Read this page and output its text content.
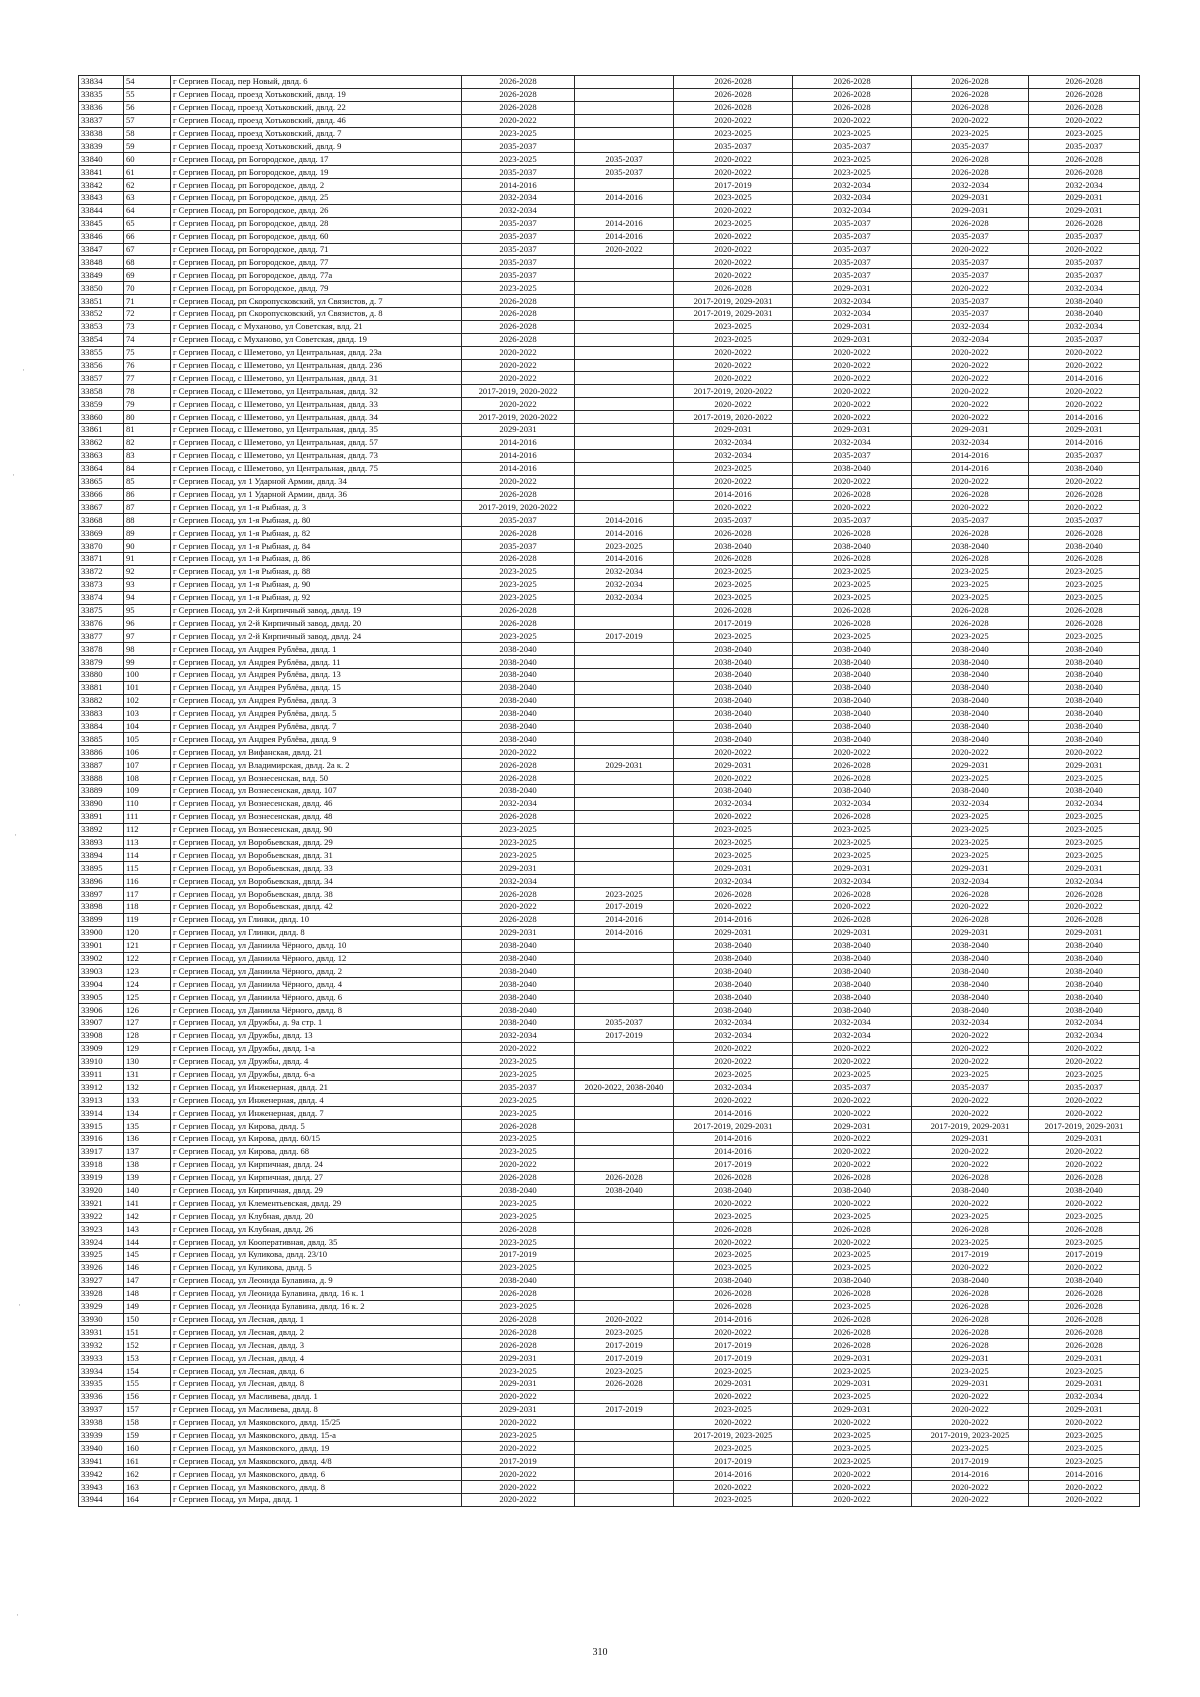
33834	54	г Сергиев Посад, пер Новый, двлд. 6	2026-2028		2026-2028	2026-2028	2026-2028	2026-2028
33835	55	г Сергиев Посад, проезд Хотьковский, двлд. 19	2026-2028		2026-2028	2026-2028	2026-2028	2026-2028
33836	56	г Сергиев Посад, проезд Хотьковский, двлд. 22	2026-2028		2026-2028	2026-2028	2026-2028	2026-2028
33837	57	г Сергиев Посад, проезд Хотьковский, двлд. 46	2020-2022		2020-2022	2020-2022	2020-2022	2020-2022
33838	58	г Сергиев Посад, проезд Хотьковский, двлд. 7	2023-2025		2023-2025	2023-2025	2023-2025	2023-2025
33839	59	г Сергиев Посад, проезд Хотьковский, двлд. 9	2035-2037		2035-2037	2035-2037	2035-2037	2035-2037
33840	60	г Сергиев Посад, рп Богородское, двлд. 17	2023-2025	2035-2037	2020-2022	2023-2025	2026-2028	2026-2028
33841	61	г Сергиев Посад, рп Богородское, двлд. 19	2035-2037	2035-2037	2020-2022	2023-2025	2026-2028	2026-2028
33842	62	г Сергиев Посад, рп Богородское, двлд. 2	2014-2016		2017-2019	2032-2034	2032-2034	2032-2034
33843	63	г Сергиев Посад, рп Богородское, двлд. 25	2032-2034	2014-2016	2023-2025	2032-2034	2029-2031	2029-2031
33844	64	г Сергиев Посад, рп Богородское, двлд. 26	2032-2034		2020-2022	2032-2034	2029-2031	2029-2031
33845	65	г Сергиев Посад, рп Богородское, двлд. 28	2035-2037	2014-2016	2023-2025	2035-2037	2026-2028	2026-2028
33846	66	г Сергиев Посад, рп Богородское, двлд. 60	2035-2037	2014-2016	2020-2022	2035-2037	2035-2037	2035-2037
33847	67	г Сергиев Посад, рп Богородское, двлд. 71	2035-2037	2020-2022	2020-2022	2035-2037	2020-2022	2020-2022
33848	68	г Сергиев Посад, рп Богородское, двлд. 77	2035-2037		2020-2022	2035-2037	2035-2037	2035-2037
33849	69	г Сергиев Посад, рп Богородское, двлд. 77а	2035-2037		2020-2022	2035-2037	2035-2037	2035-2037
33850	70	г Сергиев Посад, рп Богородское, двлд. 79	2023-2025		2026-2028	2029-2031	2020-2022	2032-2034
33851	71	г Сергиев Посад, рп Скоропусковский, ул Связистов, д. 7	2026-2028		2017-2019, 2029-2031	2032-2034	2035-2037	2038-2040
33852	72	г Сергиев Посад, рп Скоропусковский, ул Связистов, д. 8	2026-2028		2017-2019, 2029-2031	2032-2034	2035-2037	2038-2040
33853	73	г Сергиев Посад, с Муханово, ул Советская, влд. 21	2026-2028		2023-2025	2029-2031	2032-2034	2032-2034
33854	74	г Сергиев Посад, с Муханово, ул Советская, двлд. 19	2026-2028		2023-2025	2029-2031	2032-2034	2035-2037
33855	75	г Сергиев Посад, с Шеметово, ул Центральная, двлд. 23а	2020-2022		2020-2022	2020-2022	2020-2022	2020-2022
33856	76	г Сергиев Посад, с Шеметово, ул Центральная, двлд. 236	2020-2022		2020-2022	2020-2022	2020-2022	2020-2022
33857	77	г Сергиев Посад, с Шеметово, ул Центральная, двлд. 31	2020-2022		2020-2022	2020-2022	2020-2022	2014-2016
33858	78	г Сергиев Посад, с Шеметово, ул Центральная, двлд. 32	2017-2019, 2020-2022		2017-2019, 2020-2022	2020-2022	2020-2022	2020-2022
33859	79	г Сергиев Посад, с Шеметово, ул Центральная, двлд. 33	2020-2022		2020-2022	2020-2022	2020-2022	2020-2022
33860	80	г Сергиев Посад, с Шеметово, ул Центральная, двлд. 34	2017-2019, 2020-2022		2017-2019, 2020-2022	2020-2022	2020-2022	2014-2016
33861	81	г Сергиев Посад, с Шеметово, ул Центральная, двлд. 35	2029-2031		2029-2031	2029-2031	2029-2031	2029-2031
33862	82	г Сергиев Посад, с Шеметово, ул Центральная, двлд. 57	2014-2016		2032-2034	2032-2034	2032-2034	2014-2016
33863	83	г Сергиев Посад, с Шеметово, ул Центральная, двлд. 73	2014-2016		2032-2034	2035-2037	2014-2016	2035-2037
33864	84	г Сергиев Посад, с Шеметово, ул Центральная, двлд. 75	2014-2016		2023-2025	2038-2040	2014-2016	2038-2040
33865	85	г Сергиев Посад, ул 1 Ударной Армии, двлд. 34	2020-2022		2020-2022	2020-2022	2020-2022	2020-2022
33866	86	г Сергиев Посад, ул 1 Ударной Армии, двлд. 36	2026-2028		2014-2016	2026-2028	2026-2028	2026-2028
33867	87	г Сергиев Посад, ул 1-я Рыбная, д. 3	2017-2019, 2020-2022		2020-2022	2020-2022	2020-2022	2020-2022
33868	88	г Сергиев Посад, ул 1-я Рыбная, д. 80	2035-2037	2014-2016	2035-2037	2035-2037	2035-2037	2035-2037
33869	89	г Сергиев Посад, ул 1-я Рыбная, д. 82	2026-2028	2014-2016	2026-2028	2026-2028	2026-2028	2026-2028
33870	90	г Сергиев Посад, ул 1-я Рыбная, д. 84	2035-2037	2023-2025	2038-2040	2038-2040	2038-2040	2038-2040
33871	91	г Сергиев Посад, ул 1-я Рыбная, д. 86	2026-2028	2014-2016	2026-2028	2026-2028	2026-2028	2026-2028
33872	92	г Сергиев Посад, ул 1-я Рыбная, д. 88	2023-2025	2032-2034	2023-2025	2023-2025	2023-2025	2023-2025
33873	93	г Сергиев Посад, ул 1-я Рыбная, д. 90	2023-2025	2032-2034	2023-2025	2023-2025	2023-2025	2023-2025
33874	94	г Сергиев Посад, ул 1-я Рыбная, д. 92	2023-2025	2032-2034	2023-2025	2023-2025	2023-2025	2023-2025
33875	95	г Сергиев Посад, ул 2-й Кирпичный завод, двлд. 19	2026-2028		2026-2028	2026-2028	2026-2028	2026-2028
33876	96	г Сергиев Посад, ул 2-й Кирпичный завод, двлд. 20	2026-2028		2017-2019	2026-2028	2026-2028	2026-2028
33877	97	г Сергиев Посад, ул 2-й Кирпичный завод, двлд. 24	2023-2025	2017-2019	2023-2025	2023-2025	2023-2025	2023-2025
33878	98	г Сергиев Посад, ул Андрея Рублёва, двлд. 1	2038-2040		2038-2040	2038-2040	2038-2040	2038-2040
33879	99	г Сергиев Посад, ул Андрея Рублёва, двлд. 11	2038-2040		2038-2040	2038-2040	2038-2040	2038-2040
33880	100	г Сергиев Посад, ул Андрея Рублёва, двлд. 13	2038-2040		2038-2040	2038-2040	2038-2040	2038-2040
33881	101	г Сергиев Посад, ул Андрея Рублёва, двлд. 15	2038-2040		2038-2040	2038-2040	2038-2040	2038-2040
33882	102	г Сергиев Посад, ул Андрея Рублёва, двлд. 3	2038-2040		2038-2040	2038-2040	2038-2040	2038-2040
33883	103	г Сергиев Посад, ул Андрея Рублёва, двлд. 5	2038-2040		2038-2040	2038-2040	2038-2040	2038-2040
33884	104	г Сергиев Посад, ул Андрея Рублёва, двлд. 7	2038-2040		2038-2040	2038-2040	2038-2040	2038-2040
33885	105	г Сергиев Посад, ул Андрея Рублёва, двлд. 9	2038-2040		2038-2040	2038-2040	2038-2040	2038-2040
33886	106	г Сергиев Посад, ул Вифанская, двлд. 21	2020-2022		2020-2022	2020-2022	2020-2022	2020-2022
33887	107	г Сергиев Посад, ул Владимирская, двлд. 2а к. 2	2026-2028	2029-2031	2029-2031	2026-2028	2029-2031	2029-2031
33888	108	г Сергиев Посад, ул Вознесенская, влд. 50	2026-2028		2020-2022	2026-2028	2023-2025	2023-2025
33889	109	г Сергиев Посад, ул Вознесенская, двлд. 107	2038-2040		2038-2040	2038-2040	2038-2040	2038-2040
33890	110	г Сергиев Посад, ул Вознесенская, двлд. 46	2032-2034		2032-2034	2032-2034	2032-2034	2032-2034
33891	111	г Сергиев Посад, ул Вознесенская, двлд. 48	2026-2028		2020-2022	2026-2028	2023-2025	2023-2025
33892	112	г Сергиев Посад, ул Вознесенская, двлд. 90	2023-2025		2023-2025	2023-2025	2023-2025	2023-2025
33893	113	г Сергиев Посад, ул Воробьевская, двлд. 29	2023-2025		2023-2025	2023-2025	2023-2025	2023-2025
33894	114	г Сергиев Посад, ул Воробьевская, двлд. 31	2023-2025		2023-2025	2023-2025	2023-2025	2023-2025
33895	115	г Сергиев Посад, ул Воробьевская, двлд. 33	2029-2031		2029-2031	2029-2031	2029-2031	2029-2031
33896	116	г Сергиев Посад, ул Воробьевская, двлд. 34	2032-2034		2032-2034	2032-2034	2032-2034	2032-2034
33897	117	г Сергиев Посад, ул Воробьевская, двлд. 38	2026-2028	2023-2025	2026-2028	2026-2028	2026-2028	2026-2028
33898	118	г Сергиев Посад, ул Воробьевская, двлд. 42	2020-2022	2017-2019	2020-2022	2020-2022	2020-2022	2020-2022
33899	119	г Сергиев Посад, ул Глинки, двлд. 10	2026-2028	2014-2016	2014-2016	2026-2028	2026-2028	2026-2028
33900	120	г Сергиев Посад, ул Глинки, двлд. 8	2029-2031	2014-2016	2029-2031	2029-2031	2029-2031	2029-2031
33901	121	г Сергиев Посад, ул Даниила Чёрного, двлд. 10	2038-2040		2038-2040	2038-2040	2038-2040	2038-2040
33902	122	г Сергиев Посад, ул Даниила Чёрного, двлд. 12	2038-2040		2038-2040	2038-2040	2038-2040	2038-2040
33903	123	г Сергиев Посад, ул Даниила Чёрного, двлд. 2	2038-2040		2038-2040	2038-2040	2038-2040	2038-2040
33904	124	г Сергиев Посад, ул Даниила Чёрного, двлд. 4	2038-2040		2038-2040	2038-2040	2038-2040	2038-2040
33905	125	г Сергиев Посад, ул Даниила Чёрного, двлд. 6	2038-2040		2038-2040	2038-2040	2038-2040	2038-2040
33906	126	г Сергиев Посад, ул Даниила Чёрного, двлд. 8	2038-2040		2038-2040	2038-2040	2038-2040	2038-2040
33907	127	г Сергиев Посад, ул Дружбы, д. 9а стр. 1	2038-2040	2035-2037	2032-2034	2032-2034	2032-2034	2032-2034
33908	128	г Сергиев Посад, ул Дружбы, двлд. 13	2032-2034	2017-2019	2032-2034	2032-2034	2020-2022	2032-2034
33909	129	г Сергиев Посад, ул Дружбы, двлд. 1-а	2020-2022		2020-2022	2020-2022	2020-2022	2020-2022
33910	130	г Сергиев Посад, ул Дружбы, двлд. 4	2023-2025		2020-2022	2020-2022	2020-2022	2020-2022
33911	131	г Сергиев Посад, ул Дружбы, двлд. 6-а	2023-2025		2023-2025	2023-2025	2023-2025	2023-2025
33912	132	г Сергиев Посад, ул Инженерная, двлд. 21	2035-2037	2020-2022, 2038-2040	2032-2034	2035-2037	2035-2037	2035-2037
33913	133	г Сергиев Посад, ул Инженерная, двлд. 4	2023-2025		2020-2022	2020-2022	2020-2022	2020-2022
33914	134	г Сергиев Посад, ул Инженерная, двлд. 7	2023-2025		2014-2016	2020-2022	2020-2022	2020-2022
33915	135	г Сергиев Посад, ул Кирова, двлд. 5	2026-2028		2017-2019, 2029-2031	2029-2031	2017-2019, 2029-2031	2017-2019, 2029-2031
33916	136	г Сергиев Посад, ул Кирова, двлд. 60/15	2023-2025		2014-2016	2020-2022	2029-2031	2029-2031
33917	137	г Сергиев Посад, ул Кирова, двлд. 68	2023-2025		2014-2016	2020-2022	2020-2022	2020-2022
33918	138	г Сергиев Посад, ул Кирпичная, двлд. 24	2020-2022		2017-2019	2020-2022	2020-2022	2020-2022
33919	139	г Сергиев Посад, ул Кирпичная, двлд. 27	2026-2028	2026-2028	2026-2028	2026-2028	2026-2028	2026-2028
33920	140	г Сергиев Посад, ул Кирпичная, двлд. 29	2038-2040	2038-2040	2038-2040	2038-2040	2038-2040	2038-2040
33921	141	г Сергиев Посад, ул Клементьевская, двлд. 29	2023-2025		2020-2022	2020-2022	2020-2022	2020-2022
33922	142	г Сергиев Посад, ул Клубная, двлд. 20	2023-2025		2023-2025	2023-2025	2023-2025	2023-2025
33923	143	г Сергиев Посад, ул Клубная, двлд. 26	2026-2028		2026-2028	2026-2028	2026-2028	2026-2028
33924	144	г Сергиев Посад, ул Кооперативная, двлд. 35	2023-2025		2020-2022	2020-2022	2023-2025	2023-2025
33925	145	г Сергиев Посад, ул Куликова, двлд. 23/10	2017-2019		2023-2025	2023-2025	2017-2019	2017-2019
33926	146	г Сергиев Посад, ул Куликова, двлд. 5	2023-2025		2023-2025	2023-2025	2020-2022	2020-2022
33927	147	г Сергиев Посад, ул Леонида Булавина, д. 9	2038-2040		2038-2040	2038-2040	2038-2040	2038-2040
33928	148	г Сергиев Посад, ул Леонида Булавина, двлд. 16 к. 1	2026-2028		2026-2028	2026-2028	2026-2028	2026-2028
33929	149	г Сергиев Посад, ул Леонида Булавина, двлд. 16 к. 2	2023-2025		2026-2028	2023-2025	2026-2028	2026-2028
33930	150	г Сергиев Посад, ул Лесная, двлд. 1	2026-2028	2020-2022	2014-2016	2026-2028	2026-2028	2026-2028
33931	151	г Сергиев Посад, ул Лесная, двлд. 2	2026-2028	2023-2025	2020-2022	2026-2028	2026-2028	2026-2028
33932	152	г Сергиев Посад, ул Лесная, двлд. 3	2026-2028	2017-2019	2017-2019	2026-2028	2026-2028	2026-2028
33933	153	г Сергиев Посад, ул Лесная, двлд. 4	2029-2031	2017-2019	2017-2019	2029-2031	2029-2031	2029-2031
33934	154	г Сергиев Посад, ул Лесная, двлд. 6	2023-2025	2023-2025	2023-2025	2023-2025	2023-2025	2023-2025
33935	155	г Сергиев Посад, ул Лесная, двлд. 8	2029-2031	2026-2028	2029-2031	2029-2031	2029-2031	2029-2031
33936	156	г Сергиев Посад, ул Масливева, двлд. 1	2020-2022		2020-2022	2023-2025	2020-2022	2032-2034
33937	157	г Сергиев Посад, ул Масливева, двлд. 8	2029-2031	2017-2019	2023-2025	2029-2031	2020-2022	2029-2031
33938	158	г Сергиев Посад, ул Маяковского, двлд. 15/25	2020-2022		2020-2022	2020-2022	2020-2022	2020-2022
33939	159	г Сергиев Посад, ул Маяковского, двлд. 15-а	2023-2025		2017-2019, 2023-2025	2023-2025	2017-2019, 2023-2025	2023-2025
33940	160	г Сергиев Посад, ул Маяковского, двлд. 19	2020-2022		2023-2025	2023-2025	2023-2025	2023-2025
33941	161	г Сергиев Посад, ул Маяковского, двлд. 4/8	2017-2019		2017-2019	2023-2025	2017-2019	2023-2025
33942	162	г Сергиев Посад, ул Маяковского, двлд. 6	2020-2022		2014-2016	2020-2022	2014-2016	2014-2016
33943	163	г Сергиев Посад, ул Маяковского, двлд. 8	2020-2022		2020-2022	2020-2022	2020-2022	2020-2022
33944	164	г Сергиев Посад, ул Мира, двлд. 1	2020-2022		2023-2025	2020-2022	2020-2022	2020-2022
310
·
·
·
·
·
